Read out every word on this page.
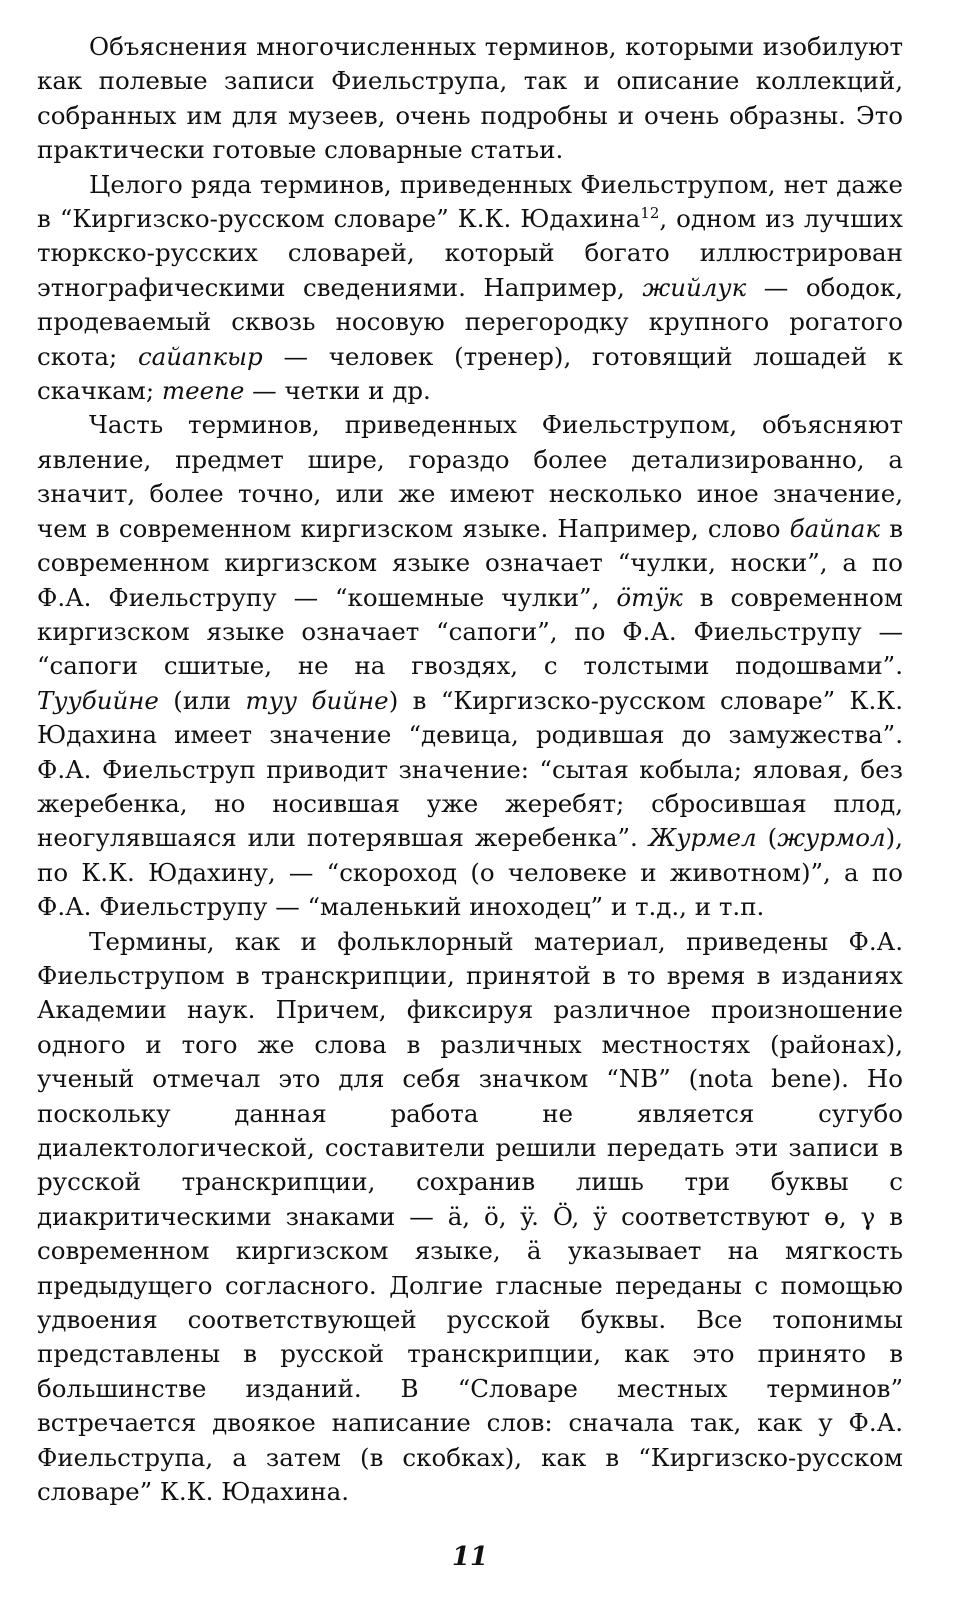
Объяснения многочисленных терминов, которыми изобилуют как полевые записи Фиельструпа, так и описание коллекций, собранных им для музеев, очень подробны и очень образны. Это практически готовые словарные статьи.

Целого ряда терминов, приведенных Фиельструпом, нет даже в “Киргизско-русском словаре” К.К. Юдахина$^{12}$, одном из лучших тюркско-русских словарей, который богато иллюстрирован этнографическими сведениями. Например, жийлук — ободок, продеваемый сквозь носовую перегородку крупного рогатого скота; сайапкыр — человек (тренер), готовящий лошадей к скачкам; теепе — четки и др.

Часть терминов, приведенных Фиельструпом, объясняют явление, предмет шире, гораздо более детализированно, а значит, более точно, или же имеют несколько иное значение, чем в современном киргизском языке. Например, слово байпак в современном киргизском языке означает “чулки, носки”, а по Ф.А. Фиельструпу — “кошемные чулки”, öтÿк в современном киргизском языке означает “сапоги”, по Ф.А. Фиельструпу — “сапоги сшитые, не на гвоздях, с толстыми подошвами”. Туубийне (или туу бийне) в “Киргизско-русском словаре” К.К. Юдахина имеет значение “девица, родившая до замужества”. Ф.А. Фиельструп приводит значение: “сытая кобыла; яловая, без жеребенка, но носившая уже жеребят; сбросившая плод, неогулявшаяся или потерявшая жеребенка”. Журмел (журмол), по К.К. Юдахину, — “скороход (о человеке и животном)”, а по Ф.А. Фиельструпу — “маленький иноходец” и т.д., и т.п.

Термины, как и фольклорный материал, приведены Ф.А. Фиельструпом в транскрипции, принятой в то время в изданиях Академии наук. Причем, фиксируя различное произношение одного и того же слова в различных местностях (районах), ученый отмечал это для себя значком “NB” (nota bene). Но поскольку данная работа не является сугубо диалектологической, составители решили передать эти записи в русской транскрипции, сохранив лишь три буквы с диакритическими знаками — ä, ö, ÿ. Ö, ÿ соответствуют ɵ, γ в современном киргизском языке, ä указывает на мягкость предыдущего согласного. Долгие гласные переданы с помощью удвоения соответствующей русской буквы. Все топонимы представлены в русской транскрипции, как это принято в большинстве изданий. В “Словаре местных терминов” встречается двоякое написание слов: сначала так, как у Ф.А. Фиельструпа, а затем (в скобках), как в “Киргизско-русском словаре” К.К. Юдахина.

11
